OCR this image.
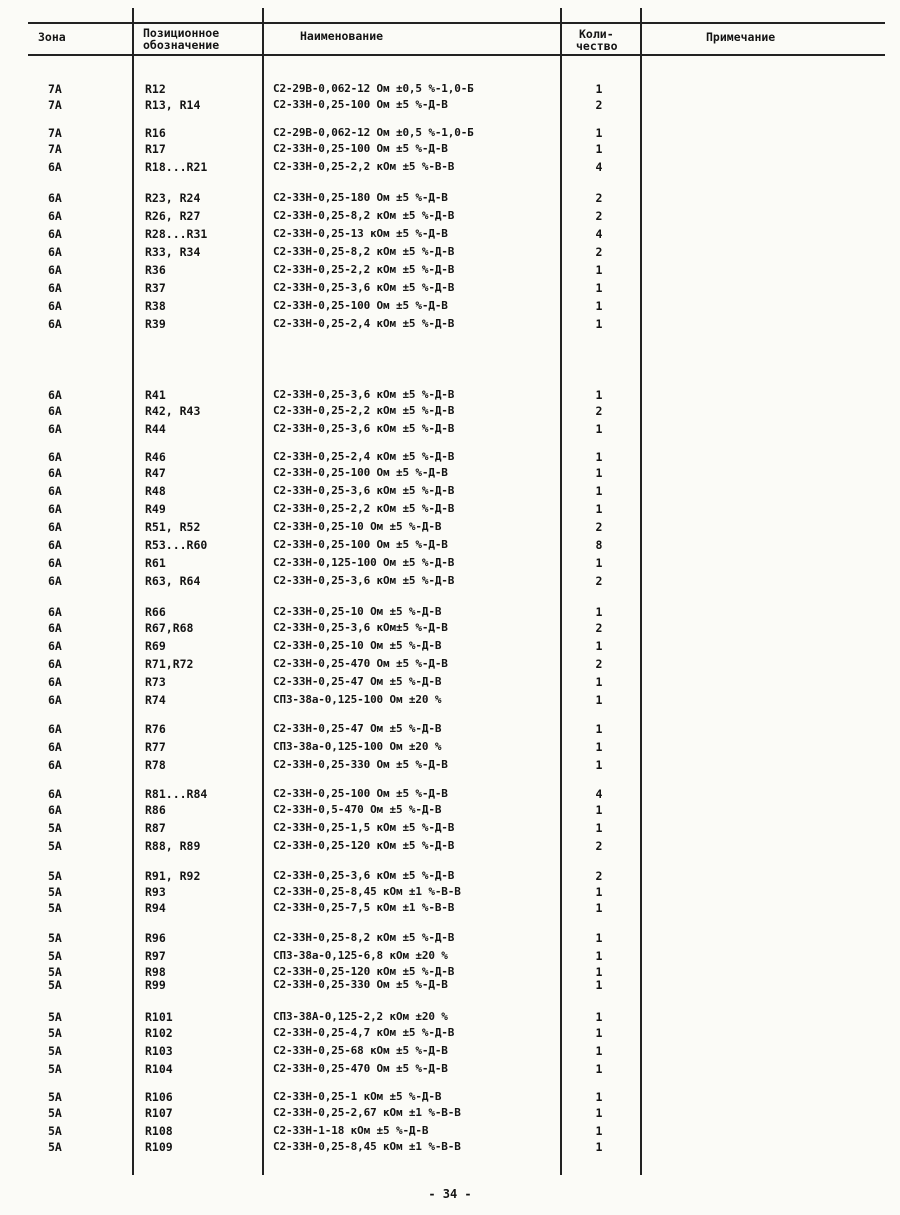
Зона	Позиционное
обозначение
Наименование	Коли-
чество
Примечание
7А	R12	С2-29В-0,062-12 Ом ±0,5 %-1,0-Б	1
7А	R13, R14	С2-33Н-0,25-100 Ом ±5 %-Д-В	2
7А	R16	С2-29В-0,062-12 Ом ±0,5 %-1,0-Б	1
7А	R17	С2-33Н-0,25-100 Ом ±5 %-Д-В	1
6А	R18...R21	С2-33Н-0,25-2,2 кОм ±5 %-В-В	4
6А	R23, R24	С2-33Н-0,25-180 Ом ±5 %-Д-В	2
6А	R26, R27	С2-33Н-0,25-8,2 кОм ±5 %-Д-В	2
6А	R28...R31	С2-33Н-0,25-13 кОм ±5 %-Д-В	4
6А	R33, R34	С2-33Н-0,25-8,2 кОм ±5 %-Д-В	2
6А	R36	С2-33Н-0,25-2,2 кОм ±5 %-Д-В	1
6А	R37	С2-33Н-0,25-3,6 кОм ±5 %-Д-В	1
6А	R38	С2-33Н-0,25-100 Ом ±5 %-Д-В	1
6А	R39	С2-33Н-0,25-2,4 кОм ±5 %-Д-В	1
6А	R41	С2-33Н-0,25-3,6 кОм ±5 %-Д-В	1
6А	R42, R43	С2-33Н-0,25-2,2 кОм ±5 %-Д-В	2
6А	R44	С2-33Н-0,25-3,6 кОм ±5 %-Д-В	1
6А	R46	С2-33Н-0,25-2,4 кОм ±5 %-Д-В	1
6А	R47	С2-33Н-0,25-100 Ом ±5 %-Д-В	1
6А	R48	С2-33Н-0,25-3,6 кОм ±5 %-Д-В	1
6А	R49	С2-33Н-0,25-2,2 кОм ±5 %-Д-В	1
6А	R51, R52	С2-33Н-0,25-10 Ом ±5 %-Д-В	2
6А	R53...R60	С2-33Н-0,25-100 Ом ±5 %-Д-В	8
6А	R61	С2-33Н-0,125-100 Ом ±5 %-Д-В	1
6А	R63, R64	С2-33Н-0,25-3,6 кОм ±5 %-Д-В	2
6А	R66	С2-33Н-0,25-10 Ом ±5 %-Д-В	1
6А	R67,R68	С2-33Н-0,25-3,6 кОм±5 %-Д-В	2
6А	R69	С2-33Н-0,25-10 Ом ±5 %-Д-В	1
6А	R71,R72	С2-33Н-0,25-470 Ом ±5 %-Д-В	2
6А	R73	С2-33Н-0,25-47 Ом ±5 %-Д-В	1
6А	R74	СП3-38а-0,125-100 Ом ±20 %	1
6А	R76	С2-33Н-0,25-47 Ом ±5 %-Д-В	1
6А	R77	СП3-38а-0,125-100 Ом ±20 %	1
6А	R78	С2-33Н-0,25-330 Ом ±5 %-Д-В	1
6А	R81...R84	С2-33Н-0,25-100 Ом ±5 %-Д-В	4
6А	R86	С2-33Н-0,5-470 Ом ±5 %-Д-В	1
5А	R87	С2-33Н-0,25-1,5 кОм ±5 %-Д-В	1
5А	R88, R89	С2-33Н-0,25-120 кОм ±5 %-Д-В	2
5А	R91, R92	С2-33Н-0,25-3,6 кОм ±5 %-Д-В	2
5А	R93	С2-33Н-0,25-8,45 кОм ±1 %-В-В	1
5А	R94	С2-33Н-0,25-7,5 кОм ±1 %-В-В	1
5А	R96	С2-33Н-0,25-8,2 кОм ±5 %-Д-В	1
5А	R97	СП3-38а-0,125-6,8 кОм ±20 %	1
5А	R98	С2-33Н-0,25-120 кОм ±5 %-Д-В	1
5А	R99	С2-33Н-0,25-330 Ом ±5 %-Д-В	1
5А	R101	СП3-38А-0,125-2,2 кОм ±20 %	1
5А	R102	С2-33Н-0,25-4,7 кОм ±5 %-Д-В	1
5А	R103	С2-33Н-0,25-68 кОм ±5 %-Д-В	1
5А	R104	С2-33Н-0,25-470 Ом ±5 %-Д-В	1
5А	R106	С2-33Н-0,25-1 кОм ±5 %-Д-В	1
5А	R107	С2-33Н-0,25-2,67 кОм ±1 %-В-В	1
5А	R108	С2-33Н-1-18 кОм ±5 %-Д-В	1
5А	R109	С2-33Н-0,25-8,45 кОм ±1 %-В-В	1
- 34 -
